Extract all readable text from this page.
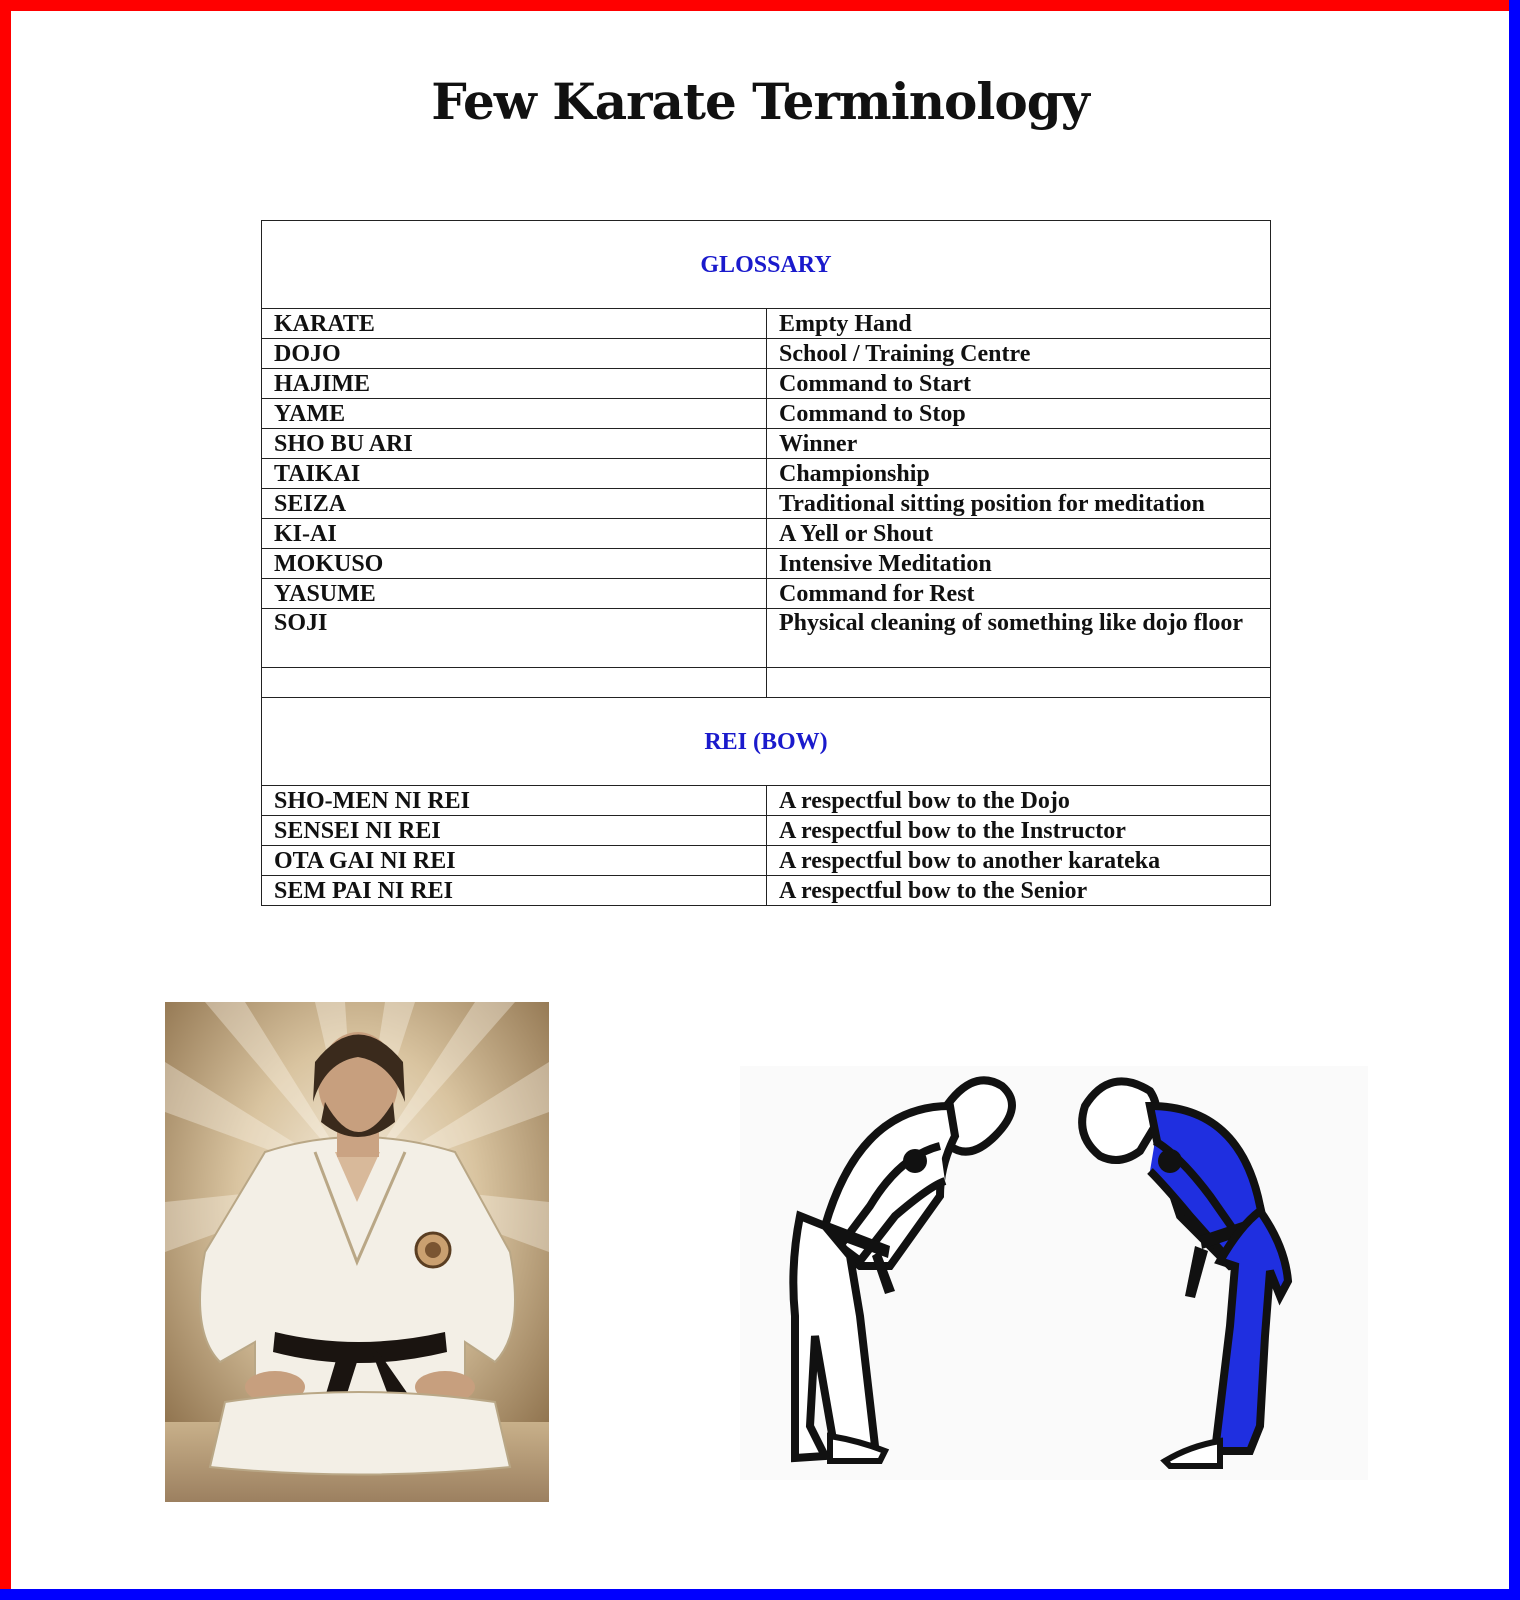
Few Karate Terminology
GLOSSARY	
KARATE	Empty Hand
DOJO	School / Training Centre
HAJIME	Command to Start
YAME	Command to Stop
SHO BU ARI	Winner
TAIKAI	Championship
SEIZA	Traditional sitting position for meditation
KI-AI	A Yell or Shout
MOKUSO	Intensive Meditation
YASUME	Command for Rest
SOJI	Physical cleaning of something like dojo floor

REI (BOW)	
SHO-MEN NI REI	A respectful bow to the Dojo
SENSEI NI REI	A respectful bow to the Instructor
OTA GAI NI REI	A respectful bow to another karateka
SEM PAI NI REI	A respectful bow to the Senior
